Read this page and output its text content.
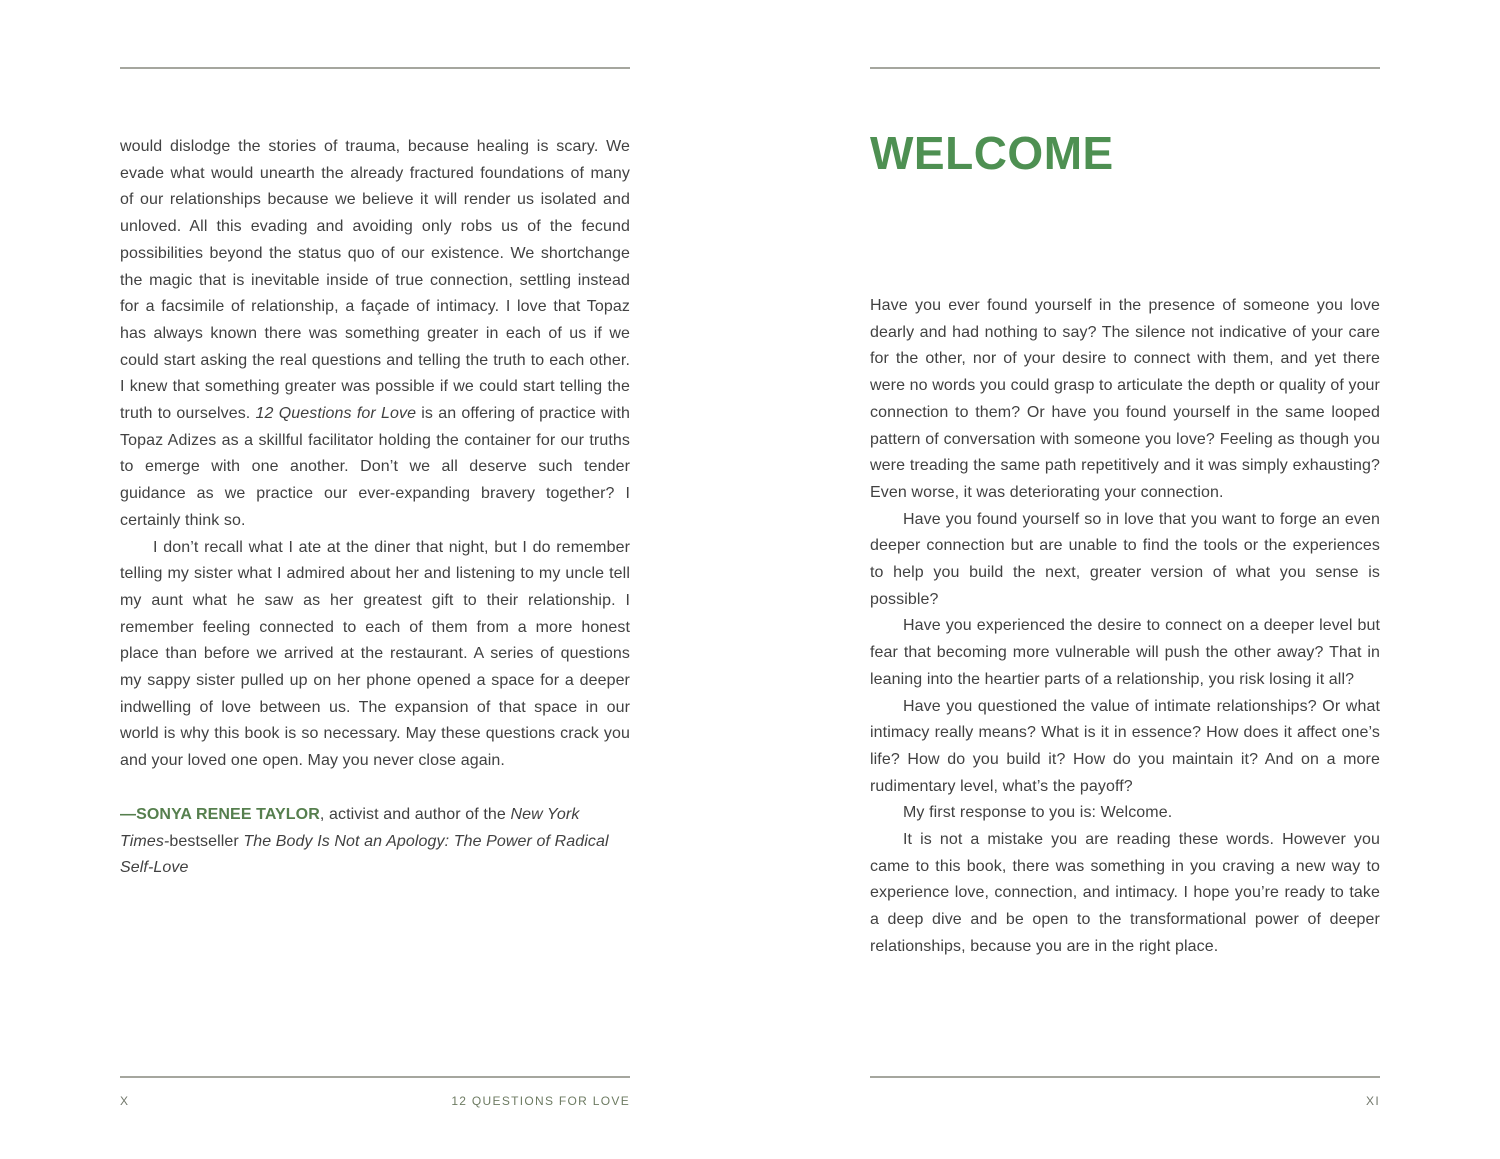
would dislodge the stories of trauma, because healing is scary. We evade what would unearth the already fractured foundations of many of our relationships because we believe it will render us isolated and unloved. All this evading and avoiding only robs us of the fecund possibilities beyond the status quo of our existence. We shortchange the magic that is inevitable inside of true connection, settling instead for a facsimile of relationship, a façade of intimacy. I love that Topaz has always known there was something greater in each of us if we could start asking the real questions and telling the truth to each other. I knew that something greater was possible if we could start telling the truth to ourselves. 12 Questions for Love is an offering of practice with Topaz Adizes as a skillful facilitator holding the container for our truths to emerge with one another. Don’t we all deserve such tender guidance as we practice our ever-expanding bravery together? I certainly think so.

I don’t recall what I ate at the diner that night, but I do remember telling my sister what I admired about her and listening to my uncle tell my aunt what he saw as her greatest gift to their relationship. I remember feeling connected to each of them from a more honest place than before we arrived at the restaurant. A series of questions my sappy sister pulled up on her phone opened a space for a deeper indwelling of love between us. The expansion of that space in our world is why this book is so necessary. May these questions crack you and your loved one open. May you never close again.

—SONYA RENEE TAYLOR, activist and author of the New York Times-bestseller The Body Is Not an Apology: The Power of Radical Self-Love

X	12 QUESTIONS FOR LOVE
WELCOME

Have you ever found yourself in the presence of someone you love dearly and had nothing to say? The silence not indicative of your care for the other, nor of your desire to connect with them, and yet there were no words you could grasp to articulate the depth or quality of your connection to them? Or have you found yourself in the same looped pattern of conversation with someone you love? Feeling as though you were treading the same path repetitively and it was simply exhausting? Even worse, it was deteriorating your connection.

Have you found yourself so in love that you want to forge an even deeper connection but are unable to find the tools or the experiences to help you build the next, greater version of what you sense is possible?

Have you experienced the desire to connect on a deeper level but fear that becoming more vulnerable will push the other away? That in leaning into the heartier parts of a relationship, you risk losing it all?

Have you questioned the value of intimate relationships? Or what intimacy really means? What is it in essence? How does it affect one’s life? How do you build it? How do you maintain it? And on a more rudimentary level, what’s the payoff?

My first response to you is: Welcome.

It is not a mistake you are reading these words. However you came to this book, there was something in you craving a new way to experience love, connection, and intimacy. I hope you’re ready to take a deep dive and be open to the transformational power of deeper relationships, because you are in the right place.

XI
